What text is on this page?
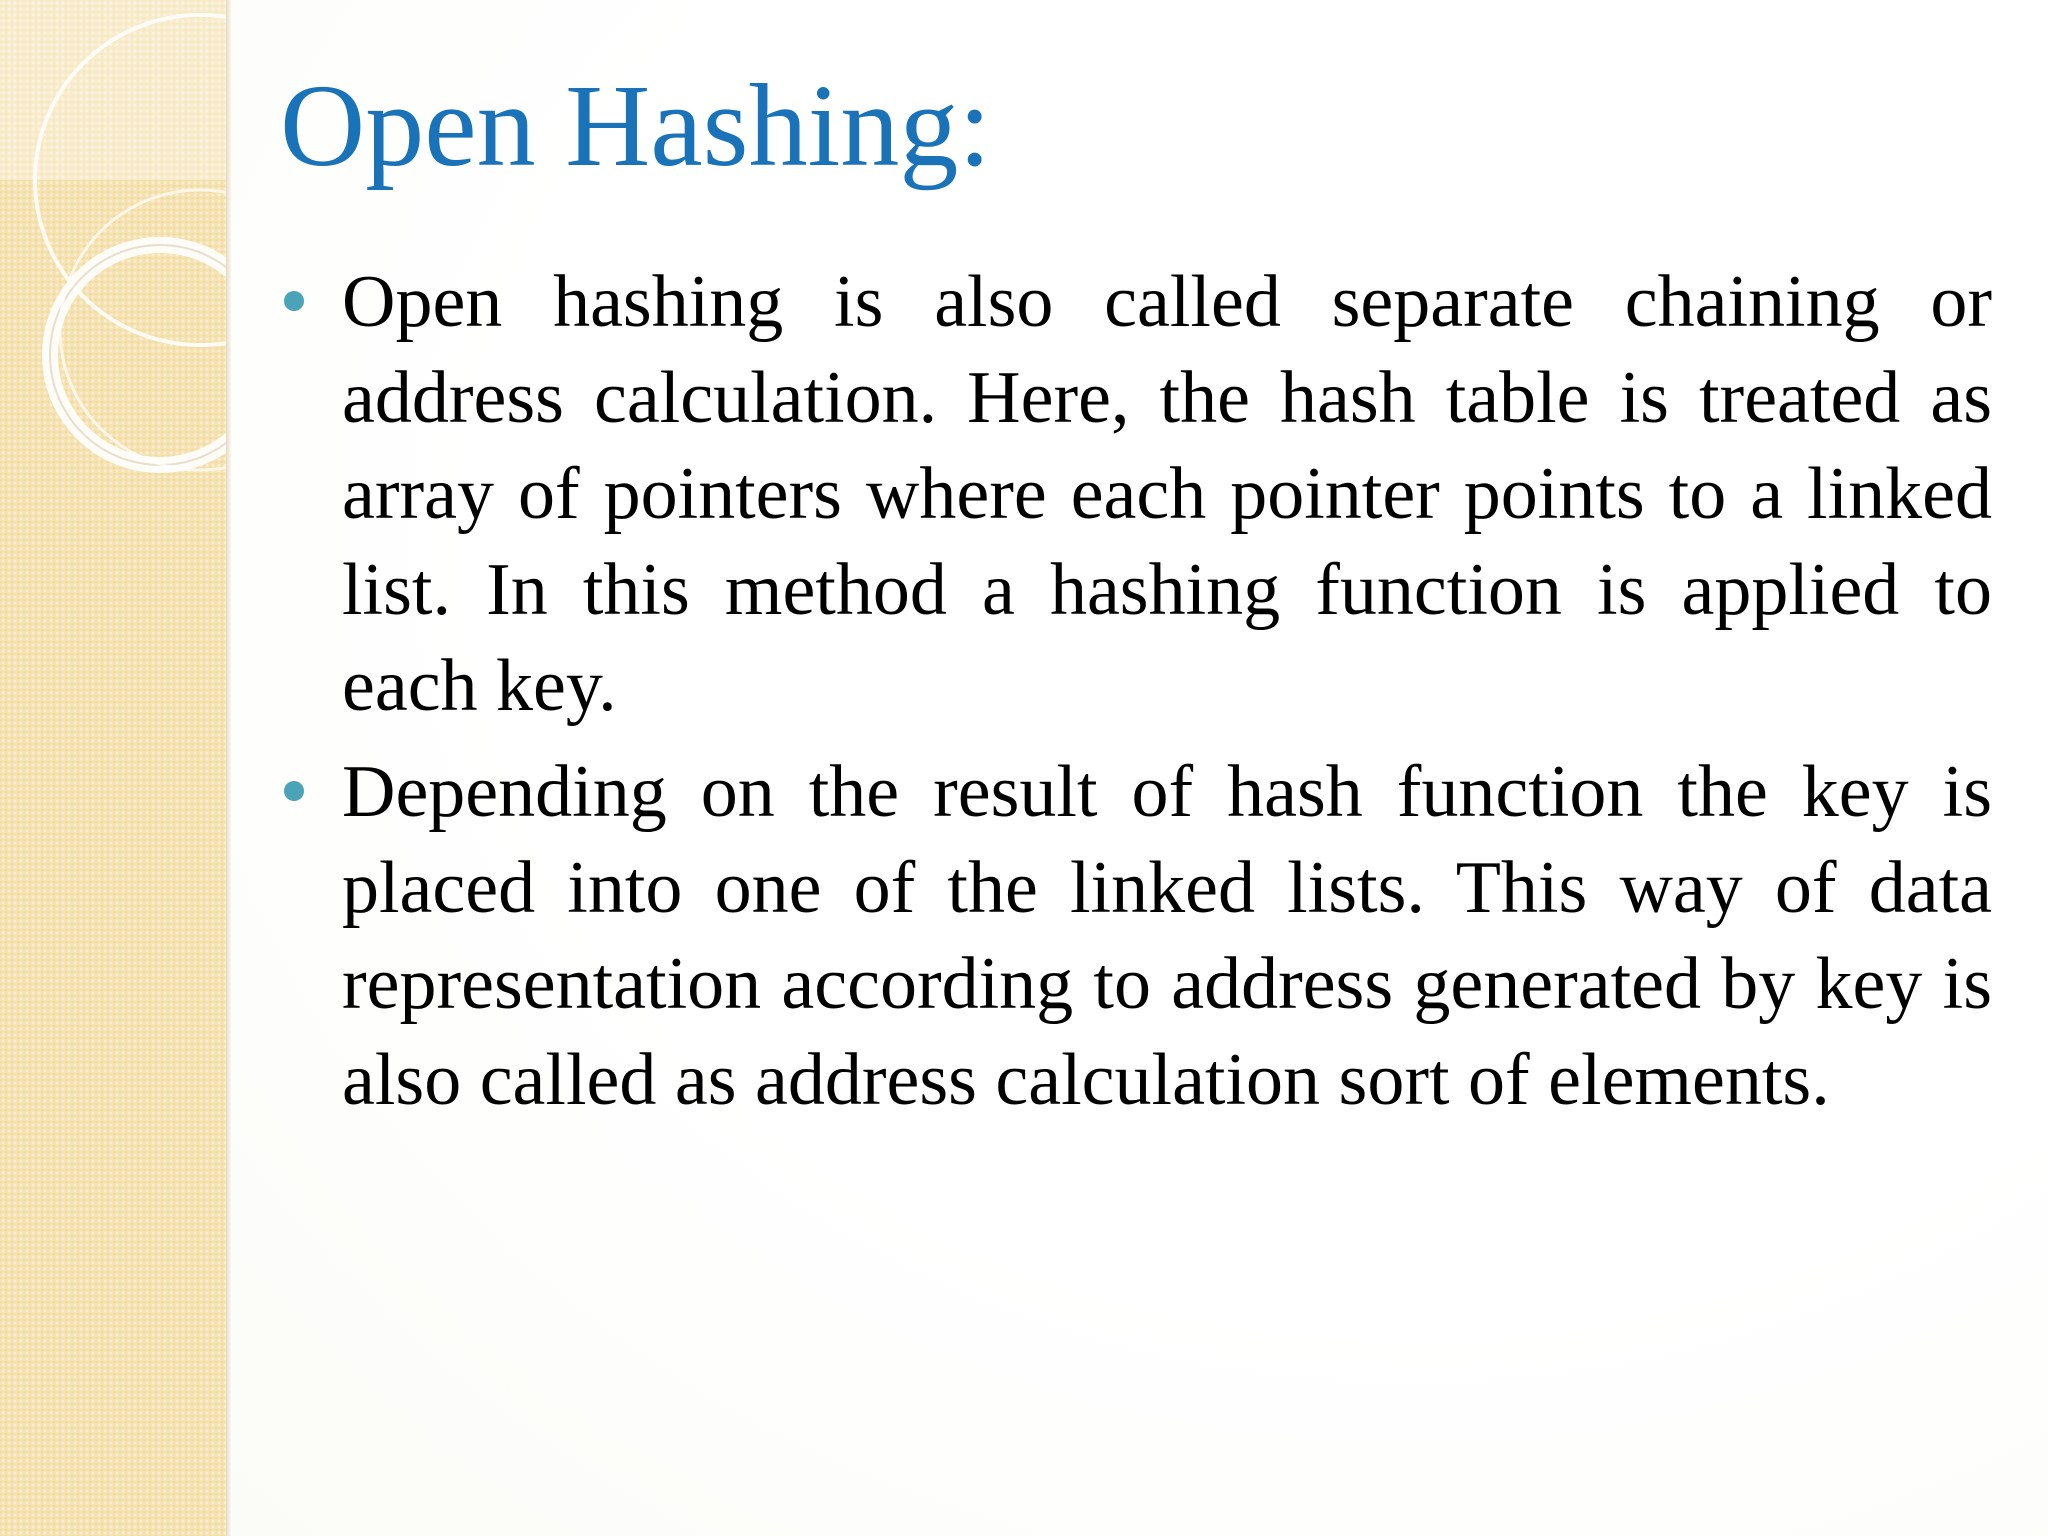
Open Hashing:
Open hashing is also called separate chaining or address calculation. Here, the hash table is treated as array of pointers where each pointer points to a linked list. In this method a hashing function is applied to each key.
Depending on the result of hash function the key is placed into one of the linked lists. This way of data representation according to address generated by key is also called as address calculation sort of elements.
